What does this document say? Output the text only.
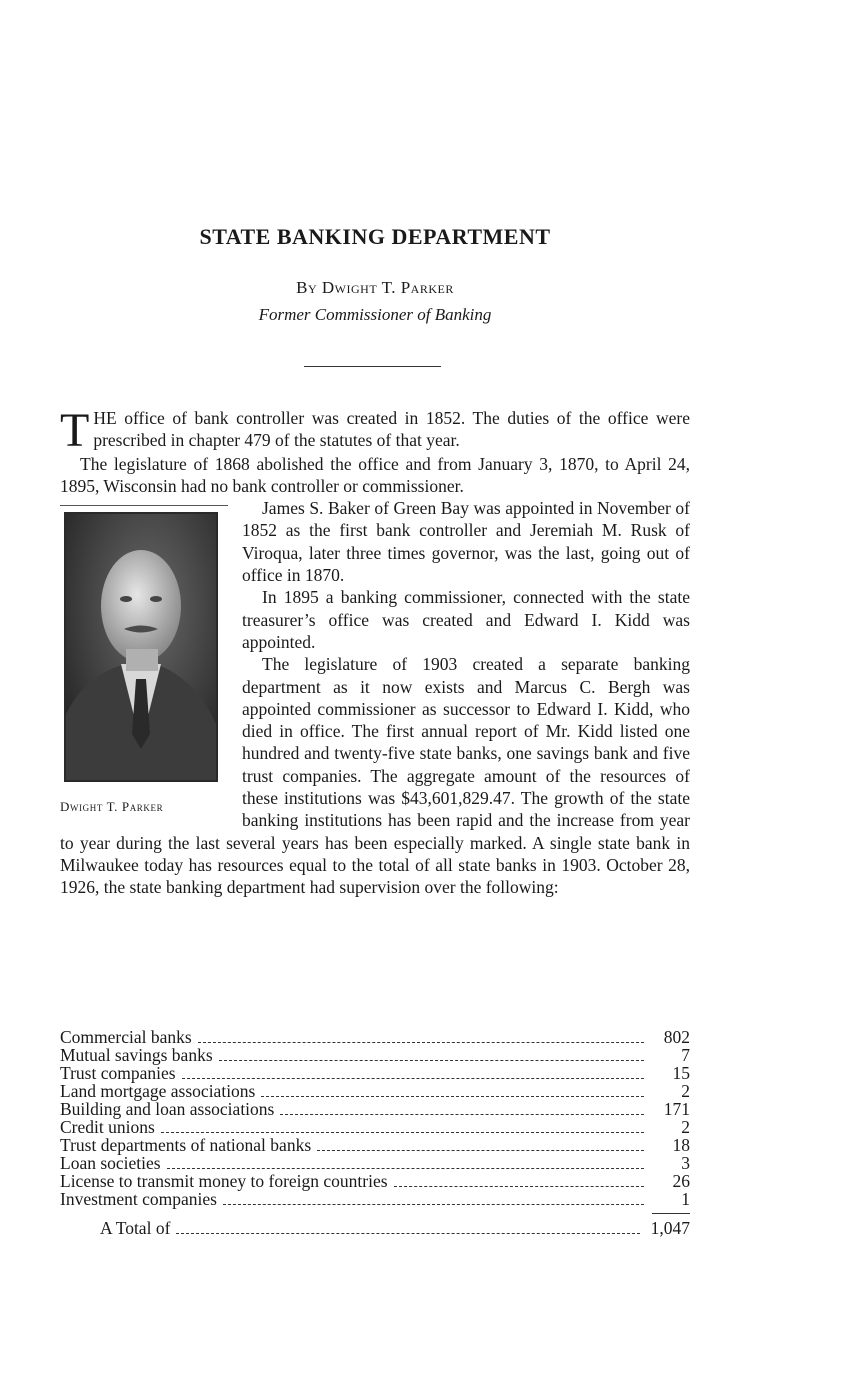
STATE BANKING DEPARTMENT
By Dwight T. Parker
Former Commissioner of Banking

THE office of bank controller was created in 1852. The duties of the office were prescribed in chapter 479 of the statutes of that year.

The legislature of 1868 abolished the office and from January 3, 1870, to April 24, 1895, Wisconsin had no bank controller or commissioner.

Dwight T. Parker

James S. Baker of Green Bay was appointed in November of 1852 as the first bank controller and Jeremiah M. Rusk of Viroqua, later three times governor, was the last, going out of office in 1870.

In 1895 a banking commissioner, connected with the state treasurer’s office was created and Edward I. Kidd was appointed.

The legislature of 1903 created a separate banking department as it now exists and Marcus C. Bergh was appointed commissioner as successor to Edward I. Kidd, who died in office. The first annual report of Mr. Kidd listed one hundred and twenty-five state banks, one savings bank and five trust companies. The aggregate amount of the resources of these institutions was $43,601,829.47. The growth of the state banking institutions has been rapid and the increase from year to year during the last several years has been especially marked. A single state bank in Milwaukee today has resources equal to the total of all state banks in 1903. October 28, 1926, the state banking department had supervision over the following:

Commercial banks	802
Mutual savings banks	7
Trust companies	15
Land mortgage associations	2
Building and loan associations	171
Credit unions	2
Trust departments of national banks	18
Loan societies	3
License to transmit money to foreign countries	26
Investment companies	1
A Total of	1,047
